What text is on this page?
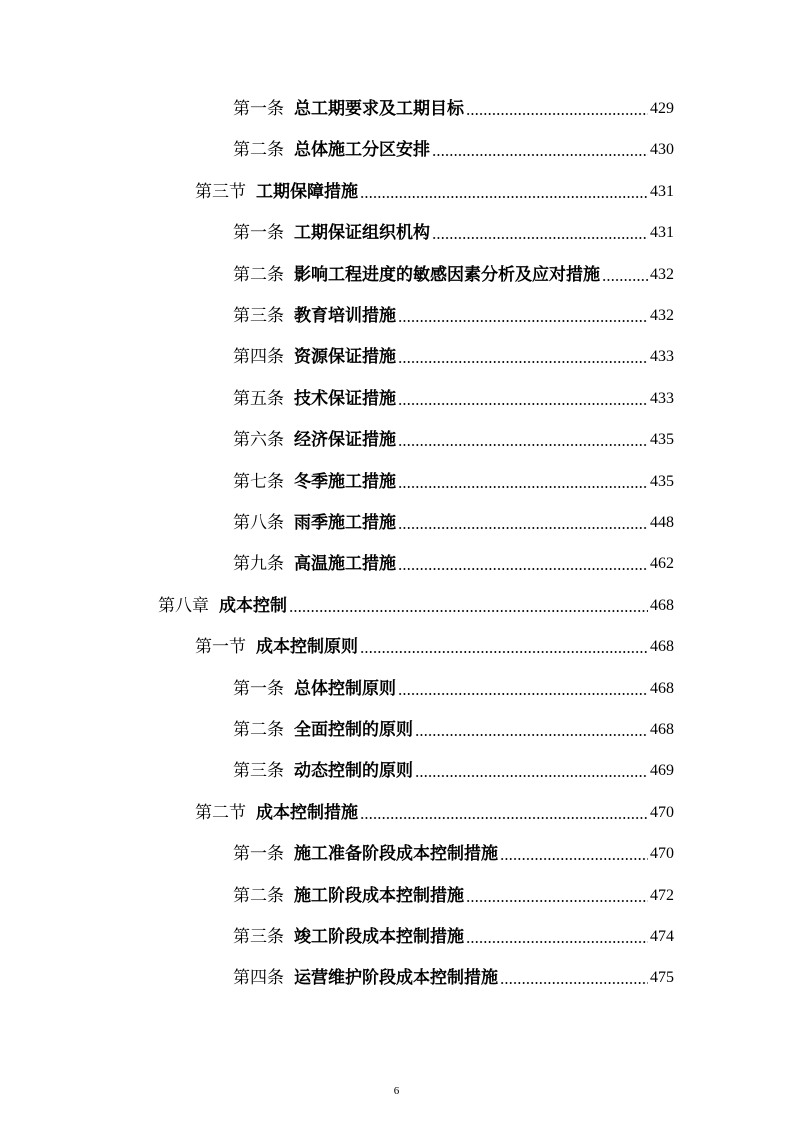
第一条 总工期要求及工期目标	429
第二条 总体施工分区安排	430
第三节 工期保障措施	431
第一条 工期保证组织机构	431
第二条 影响工程进度的敏感因素分析及应对措施	432
第三条 教育培训措施	432
第四条 资源保证措施	433
第五条 技术保证措施	433
第六条 经济保证措施	435
第七条 冬季施工措施	435
第八条 雨季施工措施	448
第九条 高温施工措施	462
第八章 成本控制	468
第一节 成本控制原则	468
第一条 总体控制原则	468
第二条 全面控制的原则	468
第三条 动态控制的原则	469
第二节 成本控制措施	470
第一条 施工准备阶段成本控制措施	470
第二条 施工阶段成本控制措施	472
第三条 竣工阶段成本控制措施	474
第四条 运营维护阶段成本控制措施	475
6
